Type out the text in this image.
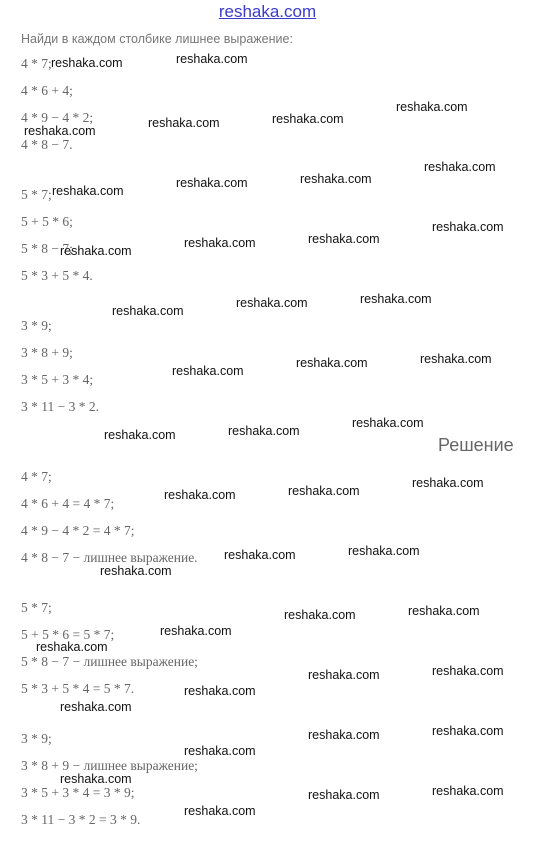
reshaka.com
Найди в каждом столбике лишнее выражение:
4 * 7;
4 * 6 + 4;
4 * 9 − 4 * 2;
4 * 8 − 7.
5 * 7;
5 + 5 * 6;
5 * 8 − 7;
5 * 3 + 5 * 4.
3 * 9;
3 * 8 + 9;
3 * 5 + 3 * 4;
3 * 11 − 3 * 2.
Решение
4 * 7;
4 * 6 + 4 = 4 * 7;
4 * 9 − 4 * 2 = 4 * 7;
4 * 8 − 7 − лишнее выражение.
5 * 7;
5 + 5 * 6 = 5 * 7;
5 * 8 − 7 − лишнее выражение;
5 * 3 + 5 * 4 = 5 * 7.
3 * 9;
3 * 8 + 9 − лишнее выражение;
3 * 5 + 3 * 4 = 3 * 9;
3 * 11 − 3 * 2 = 3 * 9.
reshaka.com	reshaka.com
reshaka.com
reshaka.com	reshaka.com
reshaka.com
reshaka.com
reshaka.com
reshaka.com
reshaka.com
reshaka.com
reshaka.com
reshaka.com
reshaka.com
reshaka.com
reshaka.com
reshaka.com
reshaka.com
reshaka.com
reshaka.com
reshaka.com
reshaka.com
reshaka.com
reshaka.com
reshaka.com
reshaka.com
reshaka.com
reshaka.com
reshaka.com
reshaka.com
reshaka.com
reshaka.com
reshaka.com
reshaka.com
reshaka.com
reshaka.com
reshaka.com
reshaka.com
reshaka.com
reshaka.com
reshaka.com
reshaka.com
reshaka.com
reshaka.com
